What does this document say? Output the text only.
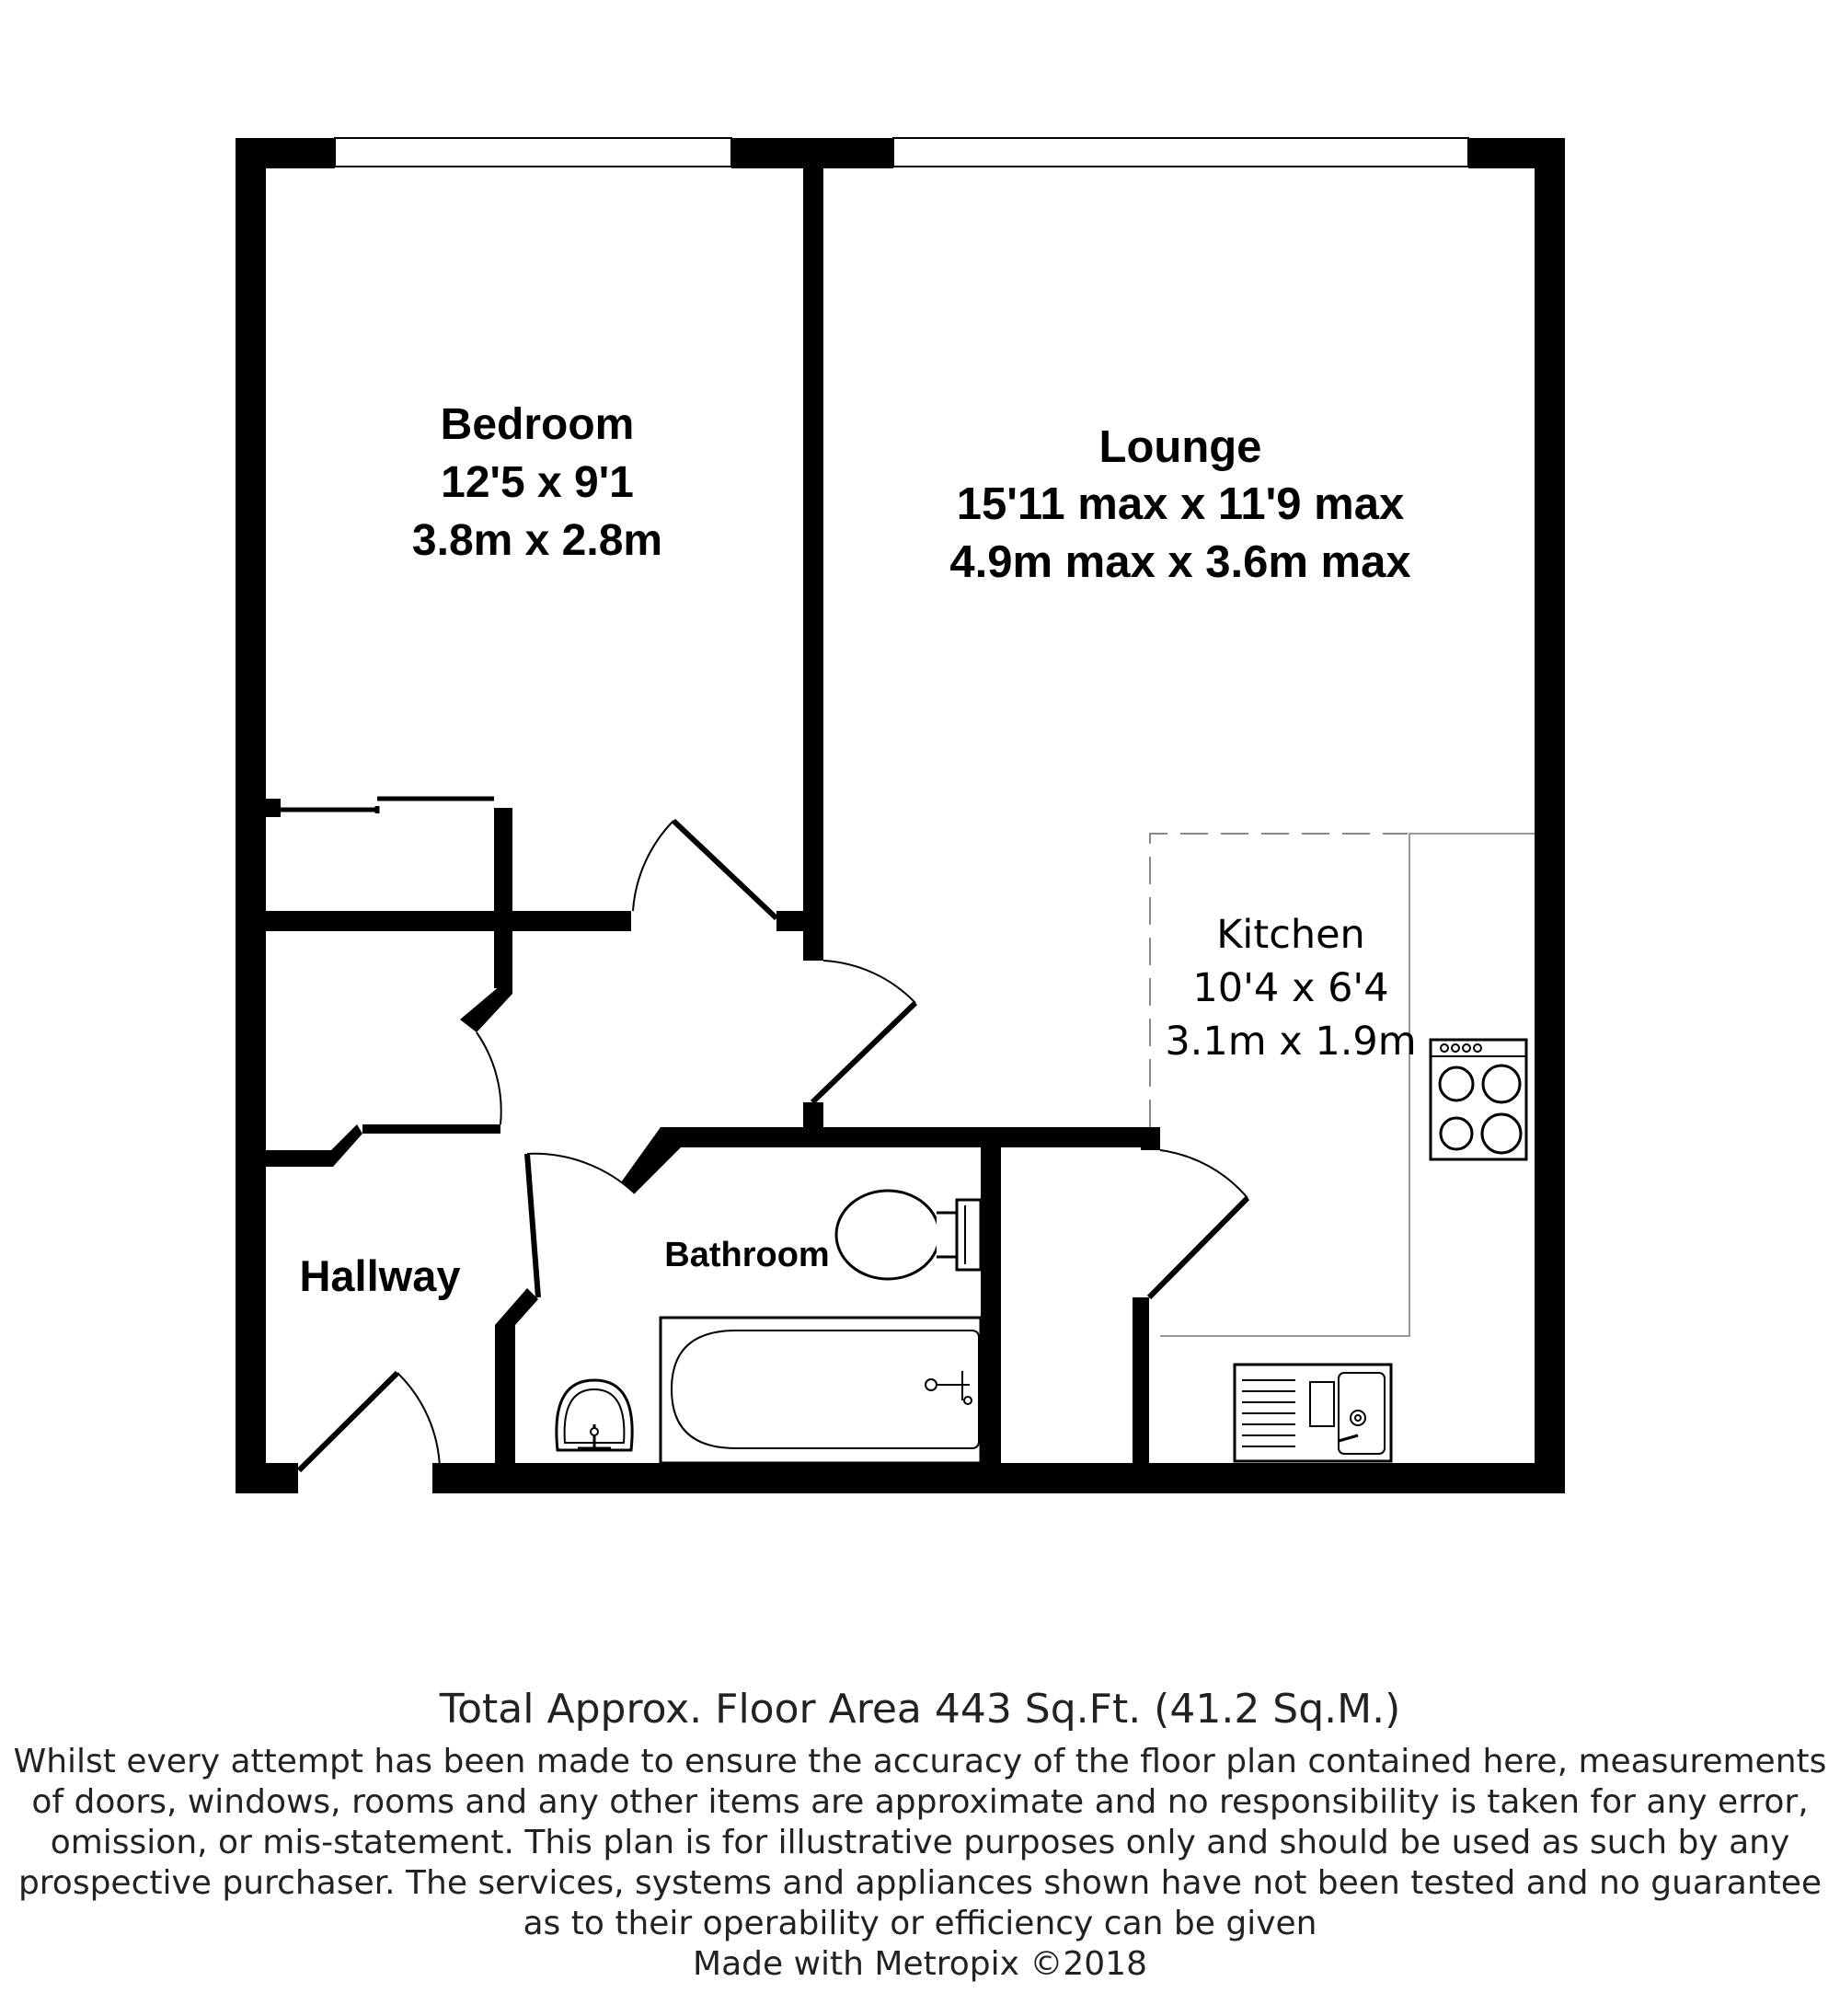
Bedroom
12'5 x 9'1
3.8m x 2.8m
Lounge
15'11 max x 11'9 max
4.9m max x 3.6m max
Kitchen
10'4 x 6'4
3.1m x 1.9m
Bathroom
Hallway
Total Approx. Floor Area 443 Sq.Ft. (41.2 Sq.M.)
Whilst every attempt has been made to ensure the accuracy of the floor plan contained here, measurements
of doors, windows, rooms and any other items are approximate and no responsibility is taken for any error,
omission, or mis-statement. This plan is for illustrative purposes only and should be used as such by any
prospective purchaser. The services, systems and appliances shown have not been tested and no guarantee
as to their operability or efficiency can be given
Made with Metropix ©2018
